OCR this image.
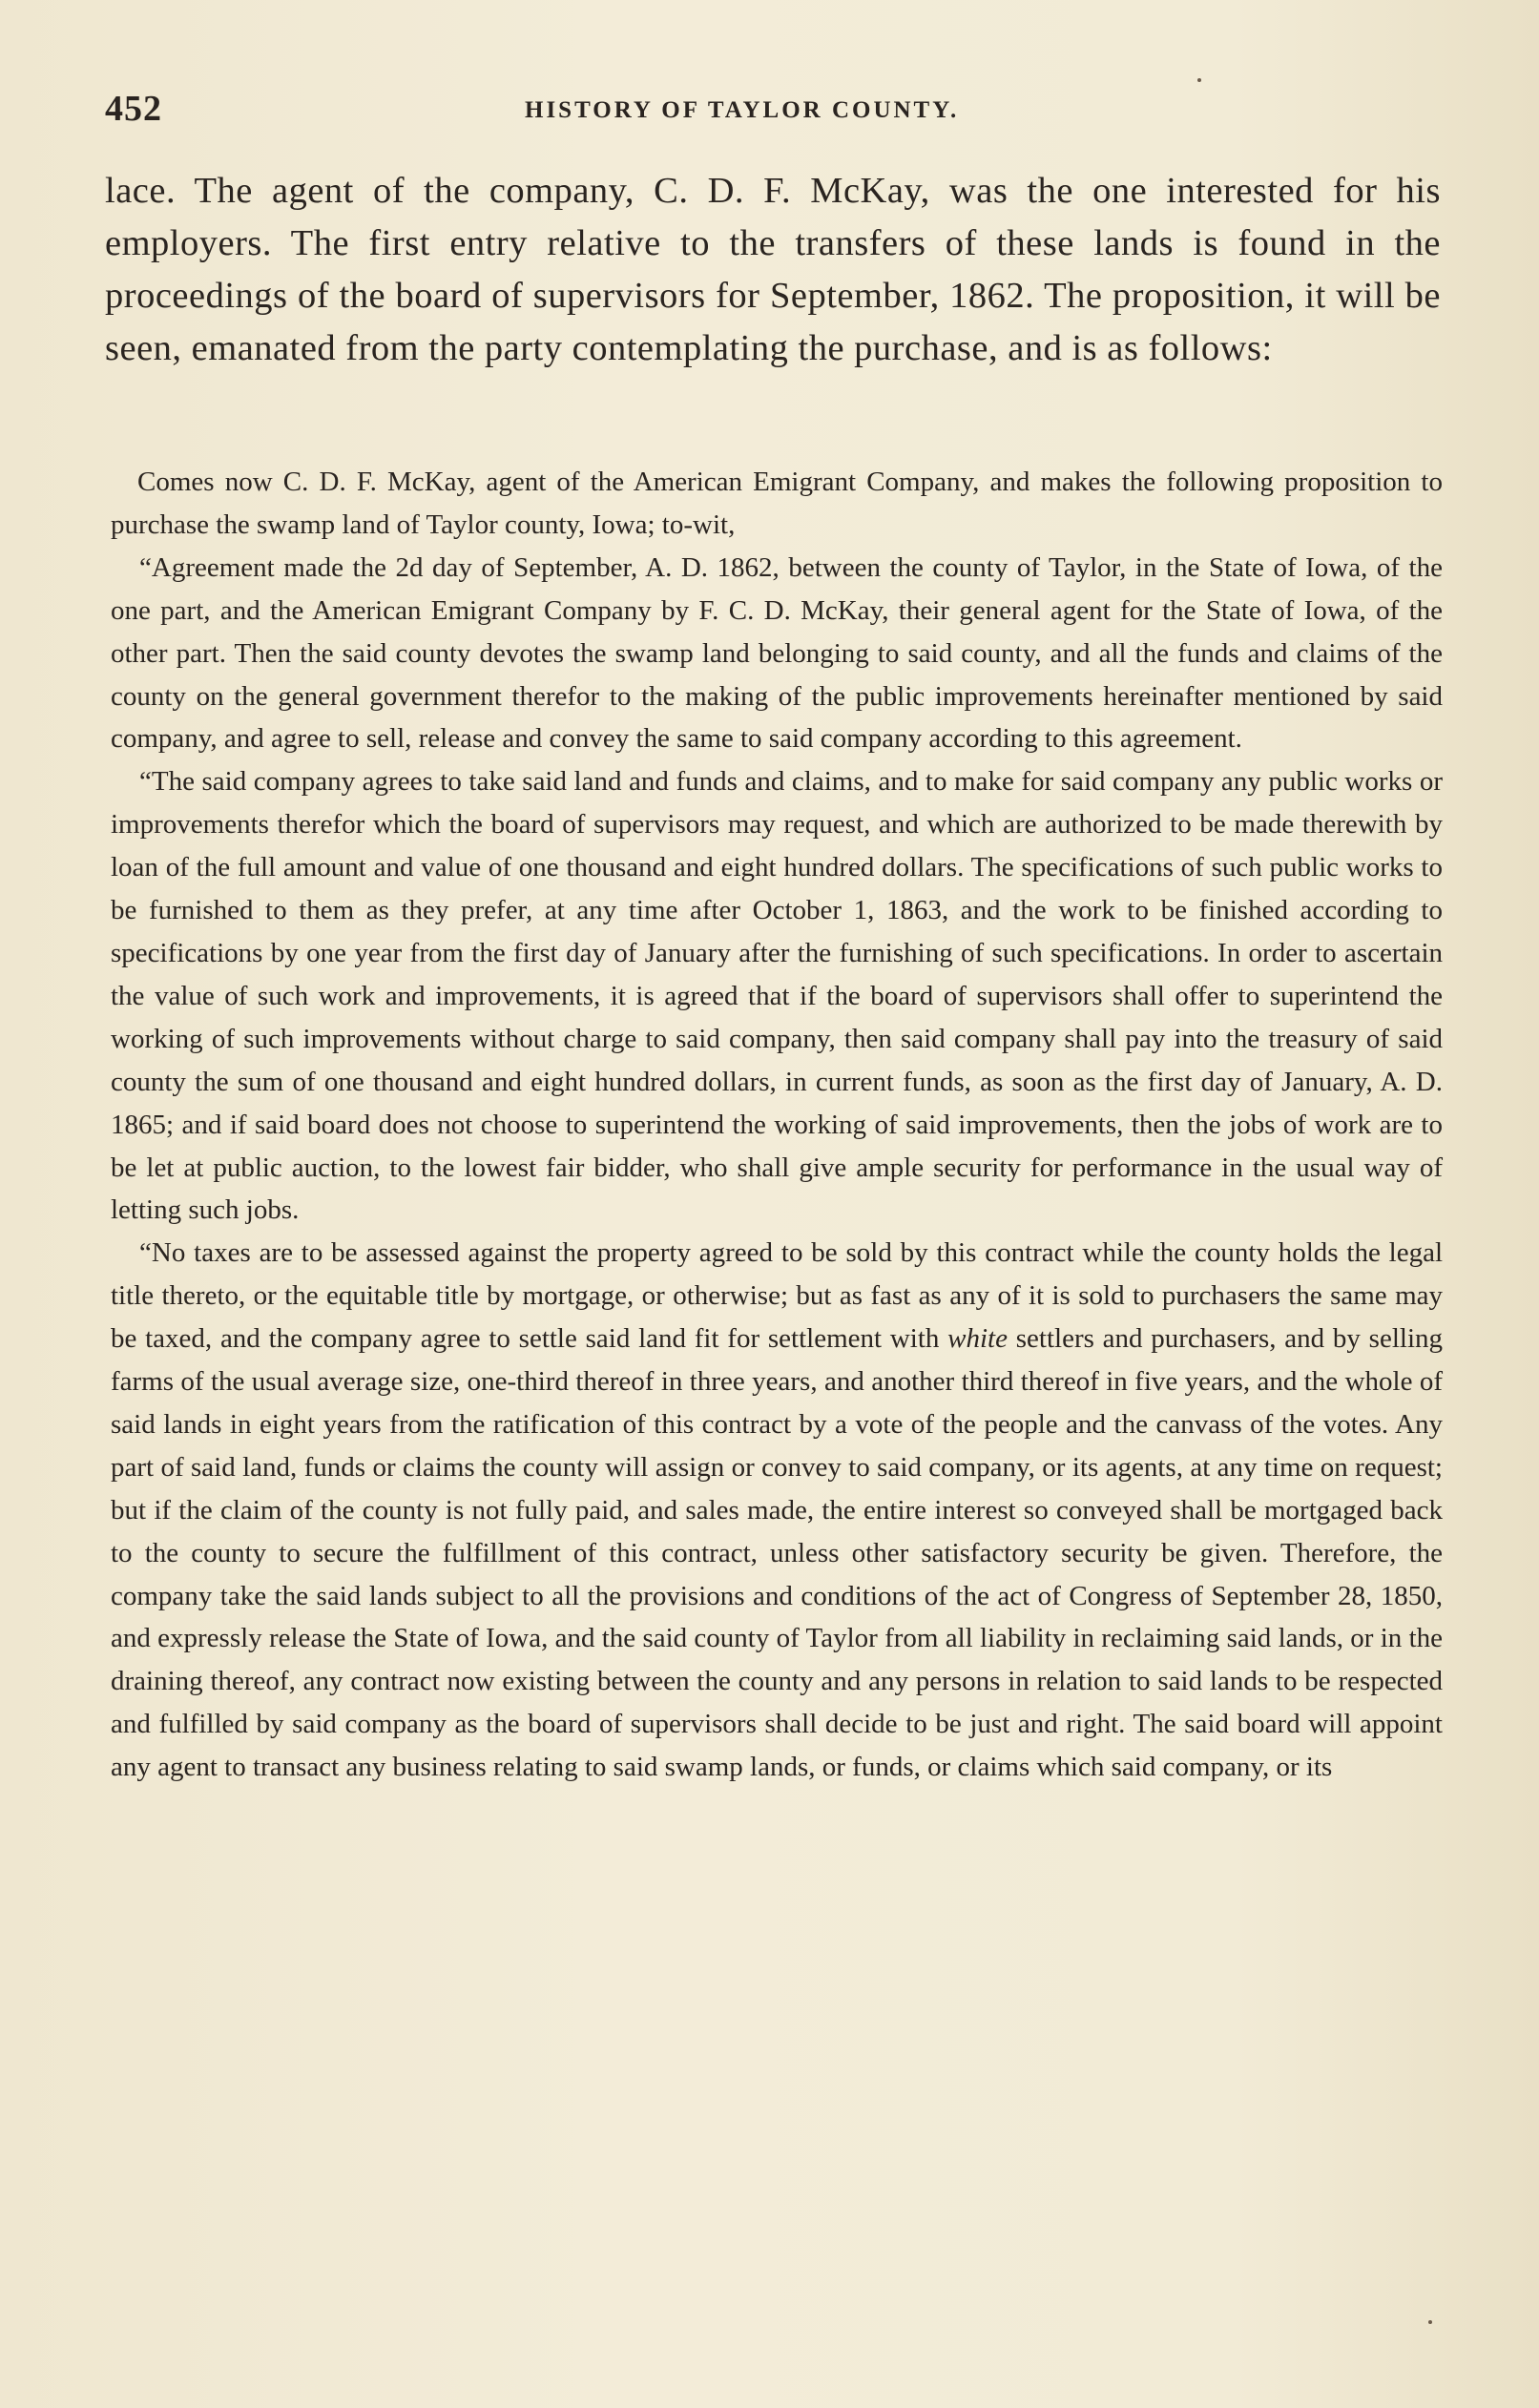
452	HISTORY OF TAYLOR COUNTY.
lace. The agent of the company, C. D. F. McKay, was the one interested for his employers. The first entry relative to the transfers of these lands is found in the proceedings of the board of supervisors for September, 1862. The proposition, it will be seen, emanated from the party contemplating the purchase, and is as follows:

Comes now C. D. F. McKay, agent of the American Emigrant Company, and makes the following proposition to purchase the swamp land of Taylor county, Iowa; to-wit,

“Agreement made the 2d day of September, A. D. 1862, between the county of Taylor, in the State of Iowa, of the one part, and the American Emigrant Company by F. C. D. McKay, their general agent for the State of Iowa, of the other part. Then the said county devotes the swamp land belonging to said county, and all the funds and claims of the county on the general government therefor to the making of the public improvements hereinafter mentioned by said company, and agree to sell, release and convey the same to said company according to this agreement.

“The said company agrees to take said land and funds and claims, and to make for said company any public works or improvements therefor which the board of supervisors may request, and which are authorized to be made therewith by loan of the full amount and value of one thousand and eight hundred dollars. The specifications of such public works to be furnished to them as they prefer, at any time after October 1, 1863, and the work to be finished according to specifications by one year from the first day of January after the furnishing of such specifications. In order to ascertain the value of such work and improvements, it is agreed that if the board of supervisors shall offer to superintend the working of such improvements without charge to said company, then said company shall pay into the treasury of said county the sum of one thousand and eight hundred dollars, in current funds, as soon as the first day of January, A. D. 1865; and if said board does not choose to superintend the working of said improvements, then the jobs of work are to be let at public auction, to the lowest fair bidder, who shall give ample security for performance in the usual way of letting such jobs.

“No taxes are to be assessed against the property agreed to be sold by this contract while the county holds the legal title thereto, or the equitable title by mortgage, or otherwise; but as fast as any of it is sold to purchasers the same may be taxed, and the company agree to settle said land fit for settlement with white settlers and purchasers, and by selling farms of the usual average size, one-third thereof in three years, and another third thereof in five years, and the whole of said lands in eight years from the ratification of this contract by a vote of the people and the canvass of the votes. Any part of said land, funds or claims the county will assign or convey to said company, or its agents, at any time on request; but if the claim of the county is not fully paid, and sales made, the entire interest so conveyed shall be mortgaged back to the county to secure the fulfillment of this contract, unless other satisfactory security be given. Therefore, the company take the said lands subject to all the provisions and conditions of the act of Congress of September 28, 1850, and expressly release the State of Iowa, and the said county of Taylor from all liability in reclaiming said lands, or in the draining thereof, any contract now existing between the county and any persons in relation to said lands to be respected and fulfilled by said company as the board of supervisors shall decide to be just and right. The said board will appoint any agent to transact any business relating to said swamp lands, or funds, or claims which said company, or its
